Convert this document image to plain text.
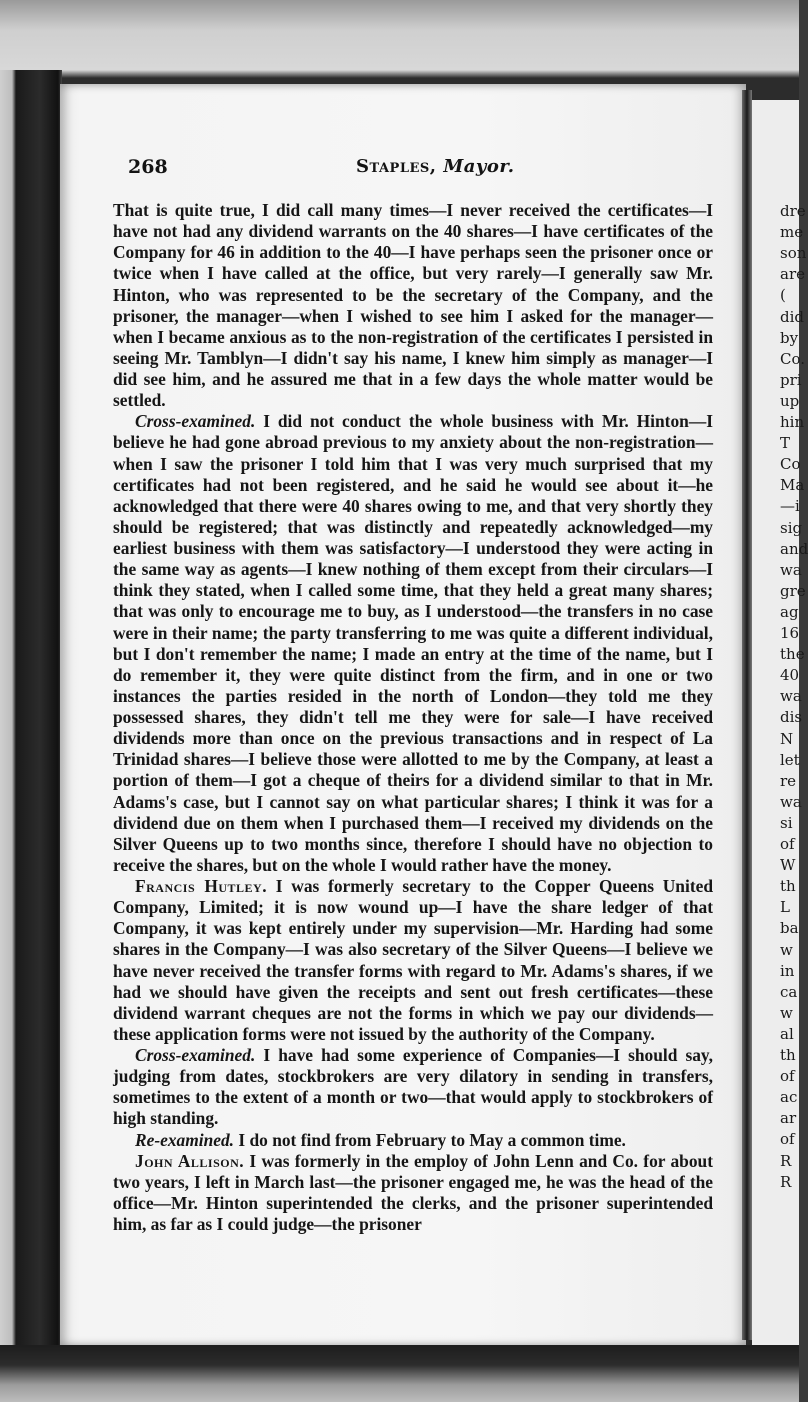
dre
me
son
are
(
did
by
Co.
pri
up
hin
T
Co
Ma
—i
sig
and
wa
gre
ag
16
the
40
wa
dis
N
let
re
wa
si
of
W
th
L
ba
w
in
ca
w
al
th
of
ac
ar
of
R
R
268	Staples, Mayor.

That is quite true, I did call many times—I never received the certificates—I have not had any dividend warrants on the 40 shares—I have certificates of the Company for 46 in addition to the 40—I have perhaps seen the prisoner once or twice when I have called at the office, but very rarely—I generally saw Mr. Hinton, who was represented to be the secretary of the Company, and the prisoner, the manager—when I wished to see him I asked for the manager—when I became anxious as to the non-registration of the certificates I persisted in seeing Mr. Tamblyn—I didn't say his name, I knew him simply as manager—I did see him, and he assured me that in a few days the whole matter would be settled.

Cross-examined. I did not conduct the whole business with Mr. Hinton—I believe he had gone abroad previous to my anxiety about the non-registration—when I saw the prisoner I told him that I was very much surprised that my certificates had not been registered, and he said he would see about it—he acknowledged that there were 40 shares owing to me, and that very shortly they should be registered; that was distinctly and repeatedly acknowledged—my earliest business with them was satisfactory—I understood they were acting in the same way as agents—I knew nothing of them except from their circulars—I think they stated, when I called some time, that they held a great many shares; that was only to encourage me to buy, as I understood—the transfers in no case were in their name; the party transferring to me was quite a different individual, but I don't remember the name; I made an entry at the time of the name, but I do remember it, they were quite distinct from the firm, and in one or two instances the parties resided in the north of London—they told me they possessed shares, they didn't tell me they were for sale—I have received dividends more than once on the previous transactions and in respect of La Trinidad shares—I believe those were allotted to me by the Company, at least a portion of them—I got a cheque of theirs for a dividend similar to that in Mr. Adams's case, but I cannot say on what particular shares; I think it was for a dividend due on them when I purchased them—I received my dividends on the Silver Queens up to two months since, therefore I should have no objection to receive the shares, but on the whole I would rather have the money.

Francis Hutley. I was formerly secretary to the Copper Queens United Company, Limited; it is now wound up—I have the share ledger of that Company, it was kept entirely under my supervision—Mr. Harding had some shares in the Company—I was also secretary of the Silver Queens—I believe we have never received the transfer forms with regard to Mr. Adams's shares, if we had we should have given the receipts and sent out fresh certificates—these dividend warrant cheques are not the forms in which we pay our dividends—these application forms were not issued by the authority of the Company.

Cross-examined. I have had some experience of Companies—I should say, judging from dates, stockbrokers are very dilatory in sending in transfers, sometimes to the extent of a month or two—that would apply to stockbrokers of high standing.

Re-examined. I do not find from February to May a common time.

John Allison. I was formerly in the employ of John Lenn and Co. for about two years, I left in March last—the prisoner engaged me, he was the head of the office—Mr. Hinton superintended the clerks, and the prisoner superintended him, as far as I could judge—the prisoner
